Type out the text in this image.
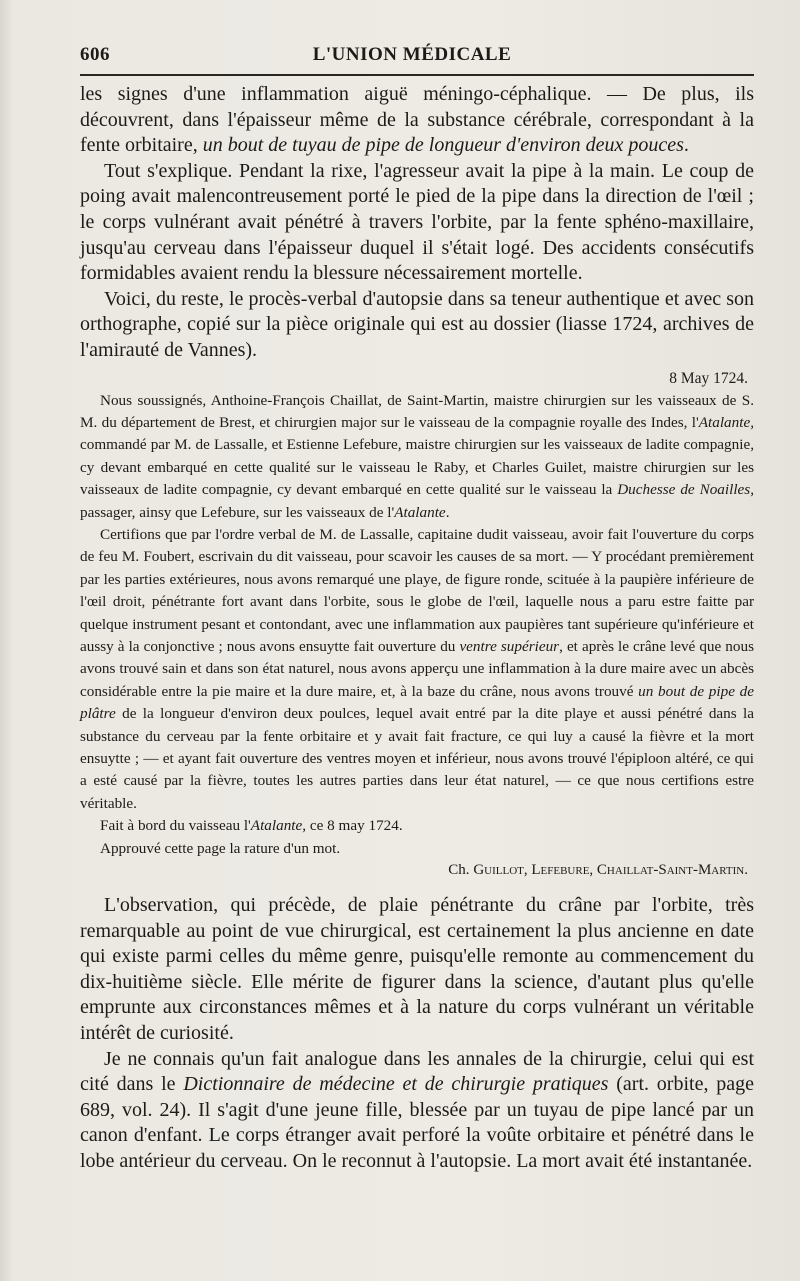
606	L'UNION MÉDICALE

les signes d'une inflammation aiguë méningo-céphalique. — De plus, ils découvrent, dans l'épaisseur même de la substance cérébrale, correspondant à la fente orbitaire, un bout de tuyau de pipe de longueur d'environ deux pouces.

Tout s'explique. Pendant la rixe, l'agresseur avait la pipe à la main. Le coup de poing avait malencontreusement porté le pied de la pipe dans la direction de l'œil ; le corps vulnérant avait pénétré à travers l'orbite, par la fente sphéno-maxillaire, jusqu'au cerveau dans l'épaisseur duquel il s'était logé. Des accidents consécutifs formidables avaient rendu la blessure nécessairement mortelle.

Voici, du reste, le procès-verbal d'autopsie dans sa teneur authentique et avec son orthographe, copié sur la pièce originale qui est au dossier (liasse 1724, archives de l'amirauté de Vannes).

8 May 1724.

Nous soussignés, Anthoine-François Chaillat, de Saint-Martin, maistre chirurgien sur les vaisseaux de S. M. du département de Brest, et chirurgien major sur le vaisseau de la compagnie royalle des Indes, l'Atalante, commandé par M. de Lassalle, et Estienne Lefebure, maistre chirurgien sur les vaisseaux de ladite compagnie, cy devant embarqué en cette qualité sur le vaisseau le Raby, et Charles Guilet, maistre chirurgien sur les vaisseaux de ladite compagnie, cy devant embarqué en cette qualité sur le vaisseau la Duchesse de Noailles, passager, ainsy que Lefebure, sur les vaisseaux de l'Atalante.

Certifions que par l'ordre verbal de M. de Lassalle, capitaine dudit vaisseau, avoir fait l'ouverture du corps de feu M. Foubert, escrivain du dit vaisseau, pour scavoir les causes de sa mort. — Y procédant premièrement par les parties extérieures, nous avons remarqué une playe, de figure ronde, scituée à la paupière inférieure de l'œil droit, pénétrante fort avant dans l'orbite, sous le globe de l'œil, laquelle nous a paru estre faitte par quelque instrument pesant et contondant, avec une inflammation aux paupières tant supérieure qu'inférieure et aussy à la conjonctive ; nous avons ensuytte fait ouverture du ventre supérieur, et après le crâne levé que nous avons trouvé sain et dans son état naturel, nous avons apperçu une inflammation à la dure maire avec un abcès considérable entre la pie maire et la dure maire, et, à la baze du crâne, nous avons trouvé un bout de pipe de plâtre de la longueur d'environ deux poulces, lequel avait entré par la dite playe et aussi pénétré dans la substance du cerveau par la fente orbitaire et y avait fait fracture, ce qui luy a causé la fièvre et la mort ensuytte ; — et ayant fait ouverture des ventres moyen et inférieur, nous avons trouvé l'épiploon altéré, ce qui a esté causé par la fièvre, toutes les autres parties dans leur état naturel, — ce que nous certifions estre véritable.

Fait à bord du vaisseau l'Atalante, ce 8 may 1724.

Approuvé cette page la rature d'un mot.

Ch. Guillot, Lefebure, Chaillat-Saint-Martin.

L'observation, qui précède, de plaie pénétrante du crâne par l'orbite, très remarquable au point de vue chirurgical, est certainement la plus ancienne en date qui existe parmi celles du même genre, puisqu'elle remonte au commencement du dix-huitième siècle. Elle mérite de figurer dans la science, d'autant plus qu'elle emprunte aux circonstances mêmes et à la nature du corps vulnérant un véritable intérêt de curiosité.

Je ne connais qu'un fait analogue dans les annales de la chirurgie, celui qui est cité dans le Dictionnaire de médecine et de chirurgie pratiques (art. orbite, page 689, vol. 24). Il s'agit d'une jeune fille, blessée par un tuyau de pipe lancé par un canon d'enfant. Le corps étranger avait perforé la voûte orbitaire et pénétré dans le lobe antérieur du cerveau. On le reconnut à l'autopsie. La mort avait été instantanée.
